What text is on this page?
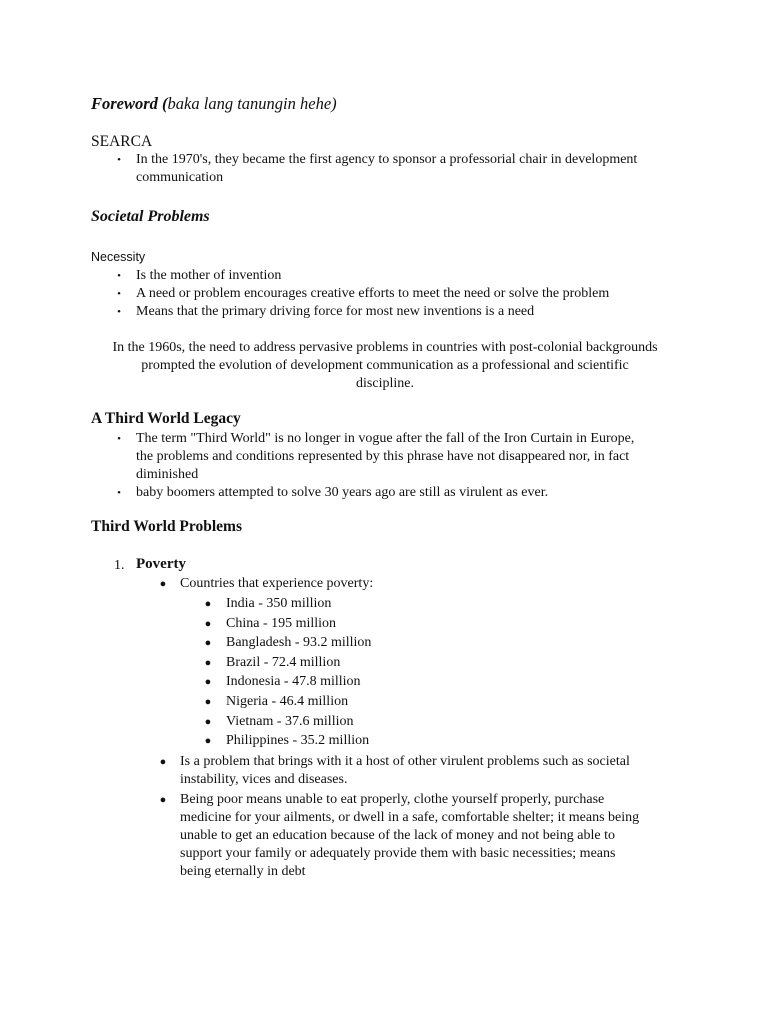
Foreword (baka lang tanungin hehe)
SEARCA
• In the 1970's, they became the first agency to sponsor a professorial chair in development
communication
Societal Problems
Necessity
• Is the mother of invention
• A need or problem encourages creative efforts to meet the need or solve the problem
• Means that the primary driving force for most new inventions is a need
In the 1960s, the need to address pervasive problems in countries with post-colonial backgrounds
prompted the evolution of development communication as a professional and scientific
discipline.
A Third World Legacy
• The term "Third World" is no longer in vogue after the fall of the Iron Curtain in Europe,
the problems and conditions represented by this phrase have not disappeared nor, in fact
diminished
• baby boomers attempted to solve 30 years ago are still as virulent as ever.
Third World Problems
1. Poverty
● Countries that experience poverty:
● India - 350 million
● China - 195 million
● Bangladesh - 93.2 million
● Brazil - 72.4 million
● Indonesia - 47.8 million
● Nigeria - 46.4 million
● Vietnam - 37.6 million
● Philippines - 35.2 million
● Is a problem that brings with it a host of other virulent problems such as societal
instability, vices and diseases.
● Being poor means unable to eat properly, clothe yourself properly, purchase
medicine for your ailments, or dwell in a safe, comfortable shelter; it means being
unable to get an education because of the lack of money and not being able to
support your family or adequately provide them with basic necessities; means
being eternally in debt
